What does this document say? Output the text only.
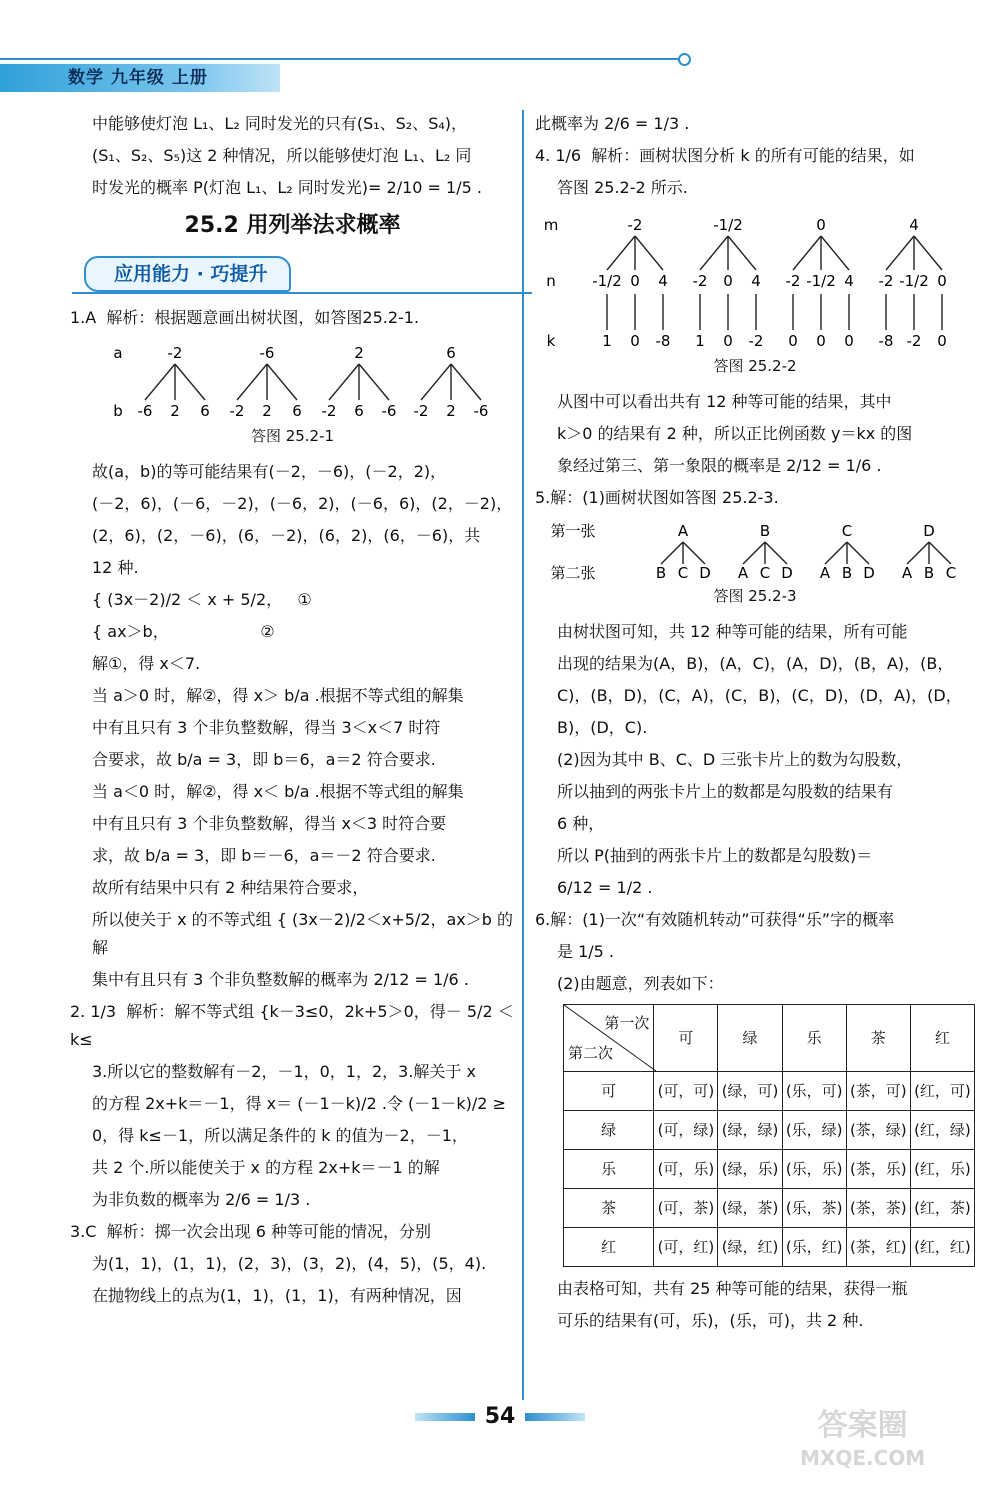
数学 九年级 上册

中能够使灯泡 L₁、L₂ 同时发光的只有(S₁、S₂、S₄)，

(S₁、S₂、S₅)这 2 种情况，所以能够使灯泡 L₁、L₂ 同

时发光的概率 P(灯泡 L₁、L₂ 同时发光)= 2/10 = 1/5 .

25.2 用列举法求概率
应用能力 · 巧提升

1.A  解析：根据题意画出树状图，如答图25.2-1.

a
b
-2
-6 2 6
-6
-2 2 6
2
-2 6 -6
6
-2 2 -6
答图 25.2-1

故(a，b)的等可能结果有(－2，－6)，(－2，2)，

(－2，6)，(－6，－2)，(－6，2)，(－6，6)，(2，－2)，

(2，6)，(2，－6)，(6，－2)，(6，2)，(6，－6)，共

12 种.

{ (3x－2)/2 ＜ x + 5/2，   ①

{ ax＞b，                  ②

解①，得 x＜7.

当 a＞0 时，解②，得 x＞ b/a .根据不等式组的解集

中有且只有 3 个非负整数解，得当 3＜x＜7 时符

合要求，故 b/a = 3，即 b＝6，a＝2 符合要求.

当 a＜0 时，解②，得 x＜ b/a .根据不等式组的解集

中有且只有 3 个非负整数解，得当 x＜3 时符合要

求，故 b/a = 3，即 b＝－6，a＝－2 符合要求.

故所有结果中只有 2 种结果符合要求，

所以使关于 x 的不等式组 { (3x－2)/2＜x+5/2，ax＞b 的解

集中有且只有 3 个非负整数解的概率为 2/12 = 1/6 .

2. 1/3  解析：解不等式组 {k－3≤0，2k+5＞0，得－ 5/2 ＜k≤

3.所以它的整数解有－2，－1，0，1，2，3.解关于 x

的方程 2x+k＝－1，得 x＝ (－1－k)/2 .令 (－1－k)/2 ≥

0，得 k≤－1，所以满足条件的 k 的值为－2，－1，

共 2 个.所以能使关于 x 的方程 2x+k＝－1 的解

为非负数的概率为 2/6 = 1/3 .

3.C  解析：掷一次会出现 6 种等可能的情况，分别

为(1，1)，(1，1)，(2，3)，(3，2)，(4，5)，(5，4).

在抛物线上的点为(1，1)，(1，1)，有两种情况，因

此概率为 2/6 = 1/3 .

4. 1/6  解析：画树状图分析 k 的所有可能的结果，如

答图 25.2-2 所示.

m
n
k
-2
-1/2
1
0
0
4
-8
-1/2
-2
1
0
0
4
-2
0
-2
0
-1/2
0
4
0
4
-2
-8
-1/2
-2
0
0
答图 25.2-2

从图中可以看出共有 12 种等可能的结果，其中

k＞0 的结果有 2 种，所以正比例函数 y＝kx 的图

象经过第三、第一象限的概率是 2/12 = 1/6 .

5.解：(1)画树状图如答图 25.2-3.

第一张
第二张
A
B C D
B
A C D
C
A B D
D
A B C
答图 25.2-3

由树状图可知，共 12 种等可能的结果，所有可能

出现的结果为(A，B)，(A，C)，(A，D)，(B，A)，(B，

C)，(B，D)，(C，A)，(C，B)，(C，D)，(D，A)，(D，

B)，(D，C).

(2)因为其中 B、C、D 三张卡片上的数为勾股数，

所以抽到的两张卡片上的数都是勾股数的结果有

6 种，

所以 P(抽到的两张卡片上的数都是勾股数)＝

6/12 = 1/2 .

6.解：(1)一次“有效随机转动”可获得“乐”字的概率

是 1/5 .

(2)由题意，列表如下：

第一次
第二次	可	绿	乐	茶	红
可	(可，可)	(绿，可)	(乐，可)	(茶，可)	(红，可)
绿	(可，绿)	(绿，绿)	(乐，绿)	(茶，绿)	(红，绿)
乐	(可，乐)	(绿，乐)	(乐，乐)	(茶，乐)	(红，乐)
茶	(可，茶)	(绿，茶)	(乐，茶)	(茶，茶)	(红，茶)
红	(可，红)	(绿，红)	(乐，红)	(茶，红)	(红，红)

由表格可知，共有 25 种等可能的结果，获得一瓶

可乐的结果有(可，乐)，(乐，可)，共 2 种.

54	答案圈
MXQE.COM
